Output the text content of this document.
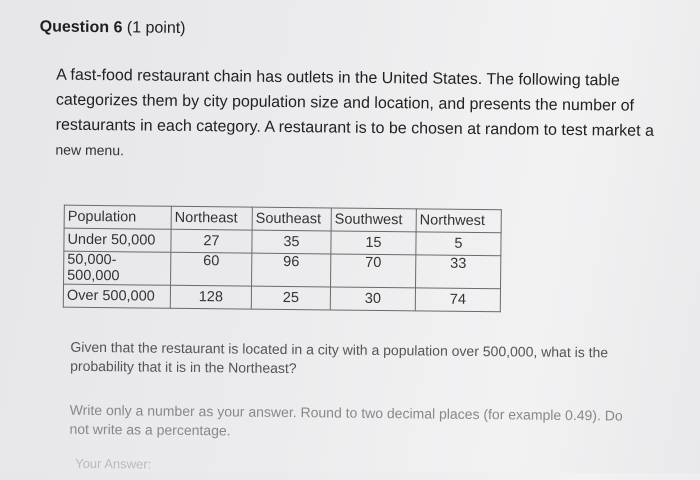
Question 6 (1 point)
A fast-food restaurant chain has outlets in the United States. The following table categorizes them by city population size and location, and presents the number of restaurants in each category. A restaurant is to be chosen at random to test market a
new menu.
Population	Northeast	Southeast	Southwest	Northwest
Under 50,000	27	35	15	5
50,000-
500,000	60	96	70	33
Over 500,000	128	25	30	74
Given that the restaurant is located in a city with a population over 500,000, what is the probability that it is in the Northeast?
Write only a number as your answer. Round to two decimal places (for example 0.49). Do not write as a percentage.
Your Answer:
